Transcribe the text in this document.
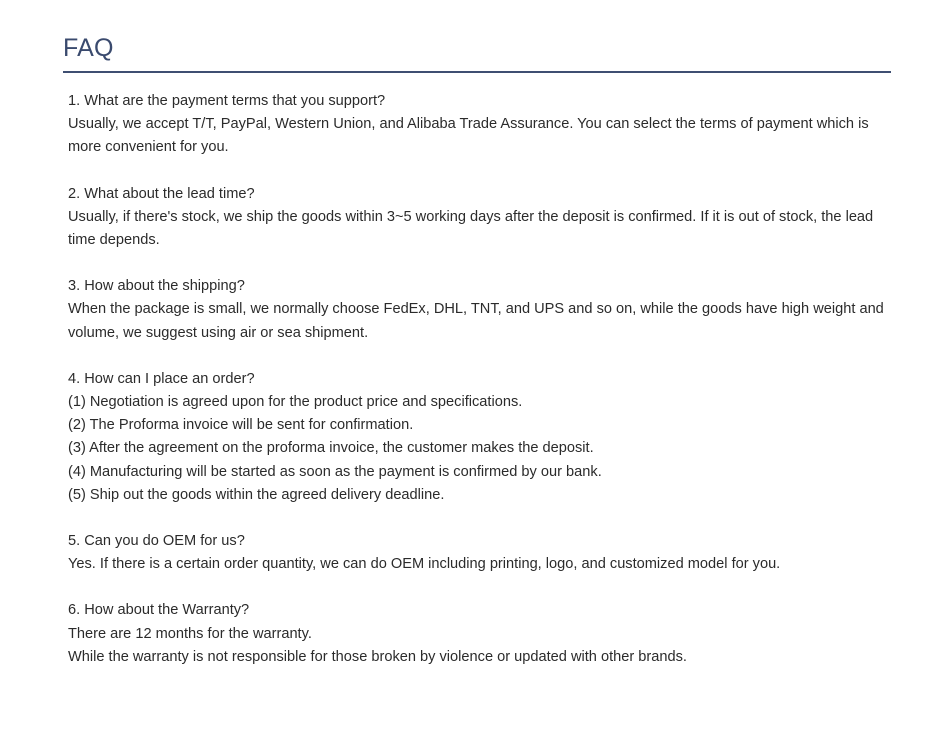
FAQ

1. What are the payment terms that you support?

Usually, we accept T/T, PayPal, Western Union, and Alibaba Trade Assurance. You can select the terms of payment which is more convenient for you.

2. What about the lead time?

Usually, if there's stock, we ship the goods within 3~5 working days after the deposit is confirmed. If it is out of stock, the lead time depends.

3. How about the shipping?

When the package is small, we normally choose FedEx, DHL, TNT, and UPS and so on, while the goods have high weight and volume, we suggest using air or sea shipment.

4. How can I place an order?

(1) Negotiation is agreed upon for the product price and specifications.

(2) The Proforma invoice will be sent for confirmation.

(3) After the agreement on the proforma invoice, the customer makes the deposit.

(4) Manufacturing will be started as soon as the payment is confirmed by our bank.

(5) Ship out the goods within the agreed delivery deadline.

5. Can you do OEM for us?

Yes. If there is a certain order quantity, we can do OEM including printing, logo, and customized model for you.

6. How about the Warranty?

There are 12 months for the warranty.

While the warranty is not responsible for those broken by violence or updated with other brands.
